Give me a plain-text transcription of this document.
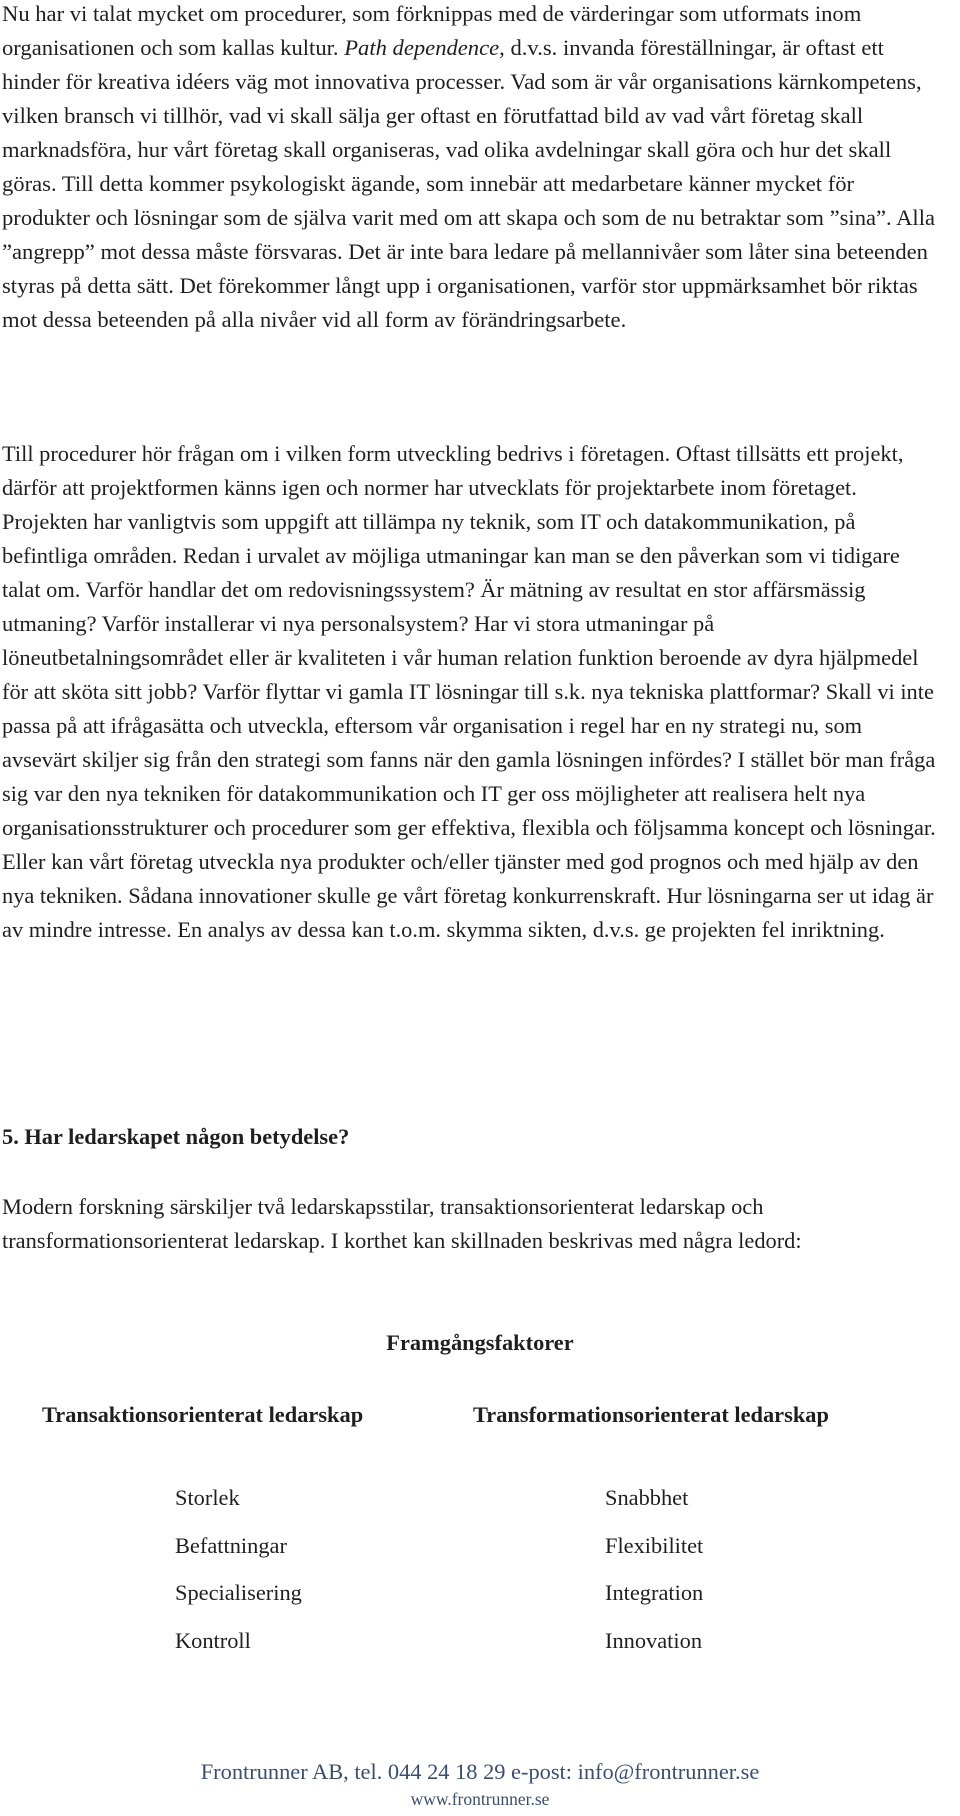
Nu har vi talat mycket om procedurer, som förknippas med de värderingar som utformats inom organisationen och som kallas kultur. Path dependence, d.v.s. invanda föreställningar, är oftast ett hinder för kreativa idéers väg mot innovativa processer. Vad som är vår organisations kärnkompetens, vilken bransch vi tillhör, vad vi skall sälja ger oftast en förutfattad bild av vad vårt företag skall marknadsföra, hur vårt företag skall organiseras, vad olika avdelningar skall göra och hur det skall göras. Till detta kommer psykologiskt ägande, som innebär att medarbetare känner mycket för produkter och lösningar som de själva varit med om att skapa och som de nu betraktar som ”sina”. Alla ”angrepp” mot dessa måste försvaras. Det är inte bara ledare på mellannivåer som låter sina beteenden styras på detta sätt. Det förekommer långt upp i organisationen, varför stor uppmärksamhet bör riktas mot dessa beteenden på alla nivåer vid all form av förändringsarbete.

Till procedurer hör frågan om i vilken form utveckling bedrivs i företagen. Oftast tillsätts ett projekt, därför att projektformen känns igen och normer har utvecklats för projektarbete inom företaget. Projekten har vanligtvis som uppgift att tillämpa ny teknik, som IT och datakommunikation, på befintliga områden. Redan i urvalet av möjliga utmaningar kan man se den påverkan som vi tidigare talat om. Varför handlar det om redovisningssystem? Är mätning av resultat en stor affärsmässig utmaning? Varför installerar vi nya personalsystem? Har vi stora utmaningar på löneutbetalningsområdet eller är kvaliteten i vår human relation funktion beroende av dyra hjälpmedel för att sköta sitt jobb? Varför flyttar vi gamla IT lösningar till s.k. nya tekniska plattformar? Skall vi inte passa på att ifrågasätta och utveckla, eftersom vår organisation i regel har en ny strategi nu, som avsevärt skiljer sig från den strategi som fanns när den gamla lösningen infördes? I stället bör man fråga sig var den nya tekniken för datakommunikation och IT ger oss möjligheter att realisera helt nya organisationsstrukturer och procedurer som ger effektiva, flexibla och följsamma koncept och lösningar. Eller kan vårt företag utveckla nya produkter och/eller tjänster med god prognos och med hjälp av den nya tekniken. Sådana innovationer skulle ge vårt företag konkurrenskraft. Hur lösningarna ser ut idag är av mindre intresse. En analys av dessa kan t.o.m. skymma sikten, d.v.s. ge projekten fel inriktning.

5. Har ledarskapet någon betydelse?

Modern forskning särskiljer två ledarskapsstilar, transaktionsorienterat ledarskap och transformationsorienterat ledarskap. I korthet kan skillnaden beskrivas med några ledord:

Framgångsfaktorer
Transaktionsorienterat ledarskap	Transformationsorienterat ledarskap
Storlek
Befattningar
Specialisering
Kontroll
Snabbhet
Flexibilitet
Integration
Innovation

Frontrunner AB, tel. 044 24 18 29 e-post: info@frontrunner.se

www.frontrunner.se
